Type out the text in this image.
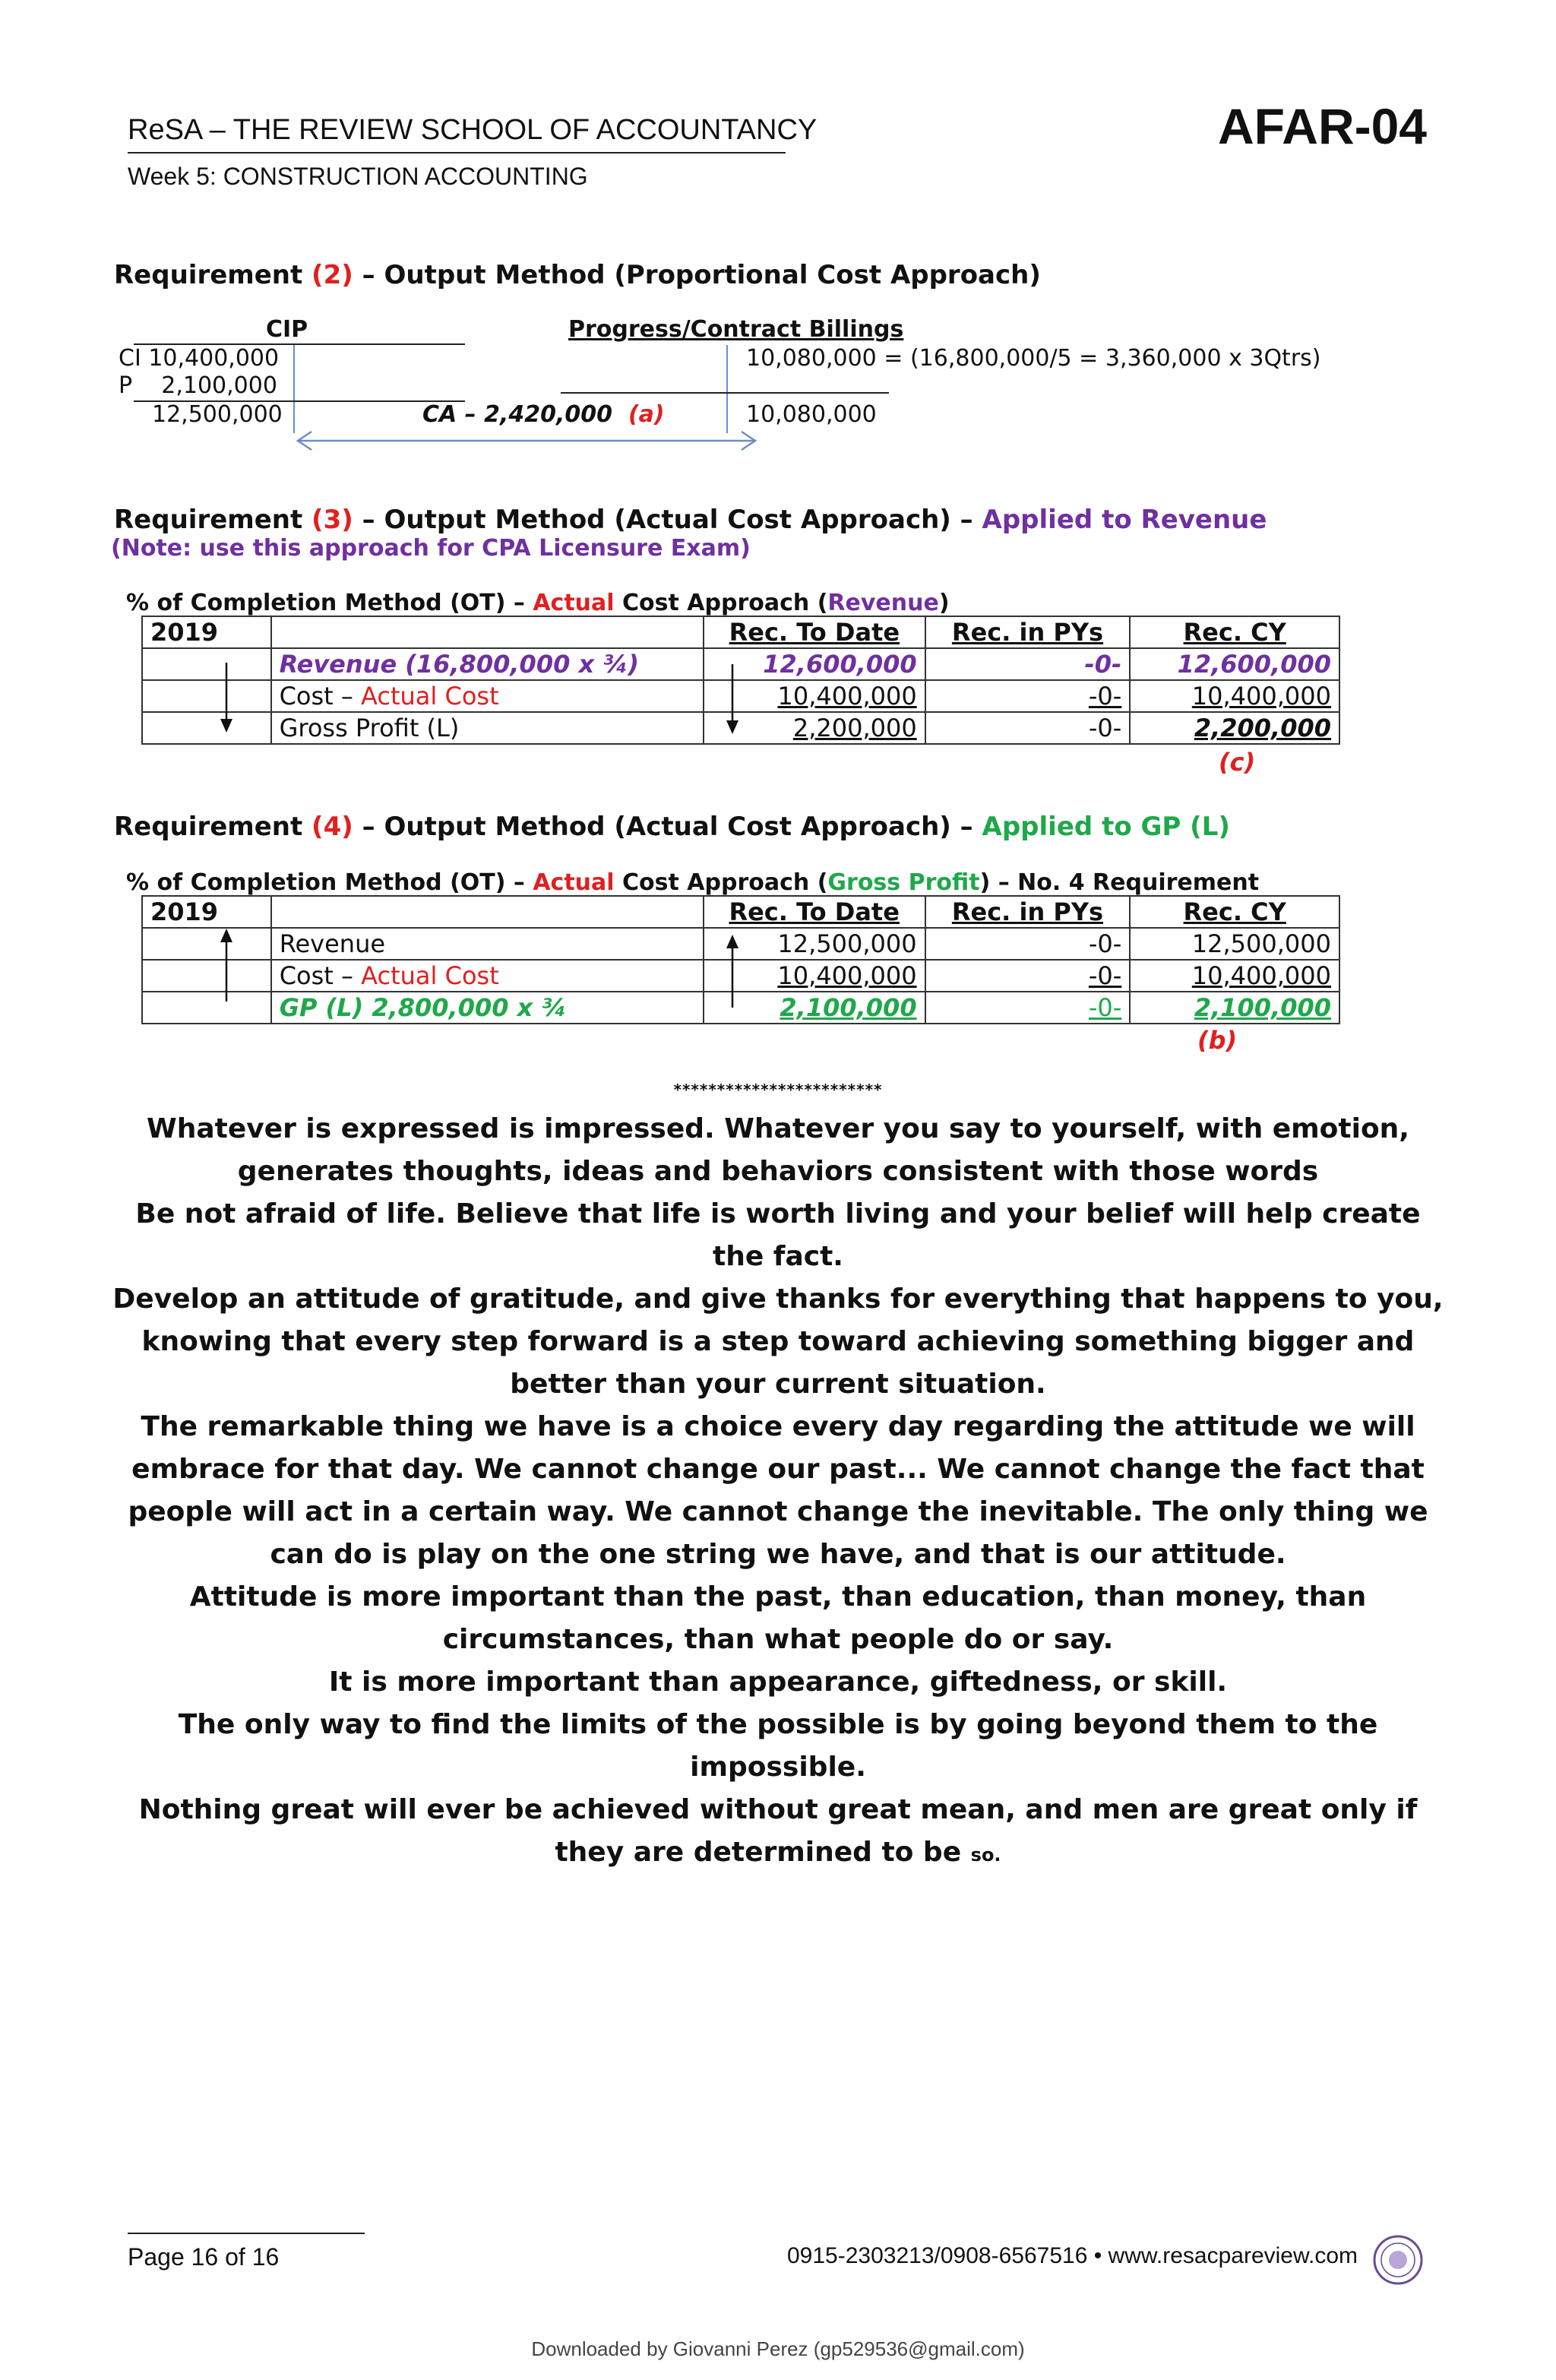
ReSA – THE REVIEW SCHOOL OF ACCOUNTANCY
Week 5: CONSTRUCTION ACCOUNTING
AFAR-04
Requirement (2) – Output Method (Proportional Cost Approach)
CIP	Progress/Contract Billings
CI 10,400,000
P    2,100,000
12,500,000
10,080,000 = (16,800,000/5 = 3,360,000 x 3Qtrs)
10,080,000
CA – 2,420,000 (a)
Requirement (3) – Output Method (Actual Cost Approach) – Applied to Revenue
(Note: use this approach for CPA Licensure Exam)
% of Completion Method (OT) – Actual Cost Approach (Revenue)
2019		Rec. To Date	Rec. in PYs	Rec. CY
	Revenue (16,800,000 x ¾)	12,600,000	-0-	12,600,000
	Cost – Actual Cost	10,400,000	-0-	10,400,000
	Gross Profit (L)	2,200,000	-0-	2,200,000
(c)
Requirement (4) – Output Method (Actual Cost Approach) – Applied to GP (L)
% of Completion Method (OT) – Actual Cost Approach (Gross Profit) – No. 4 Requirement
2019		Rec. To Date	Rec. in PYs	Rec. CY
	Revenue	12,500,000	-0-	12,500,000
	Cost – Actual Cost	10,400,000	-0-	10,400,000
	GP (L) 2,800,000 x ¾	2,100,000	-0-	2,100,000
(b)
************************

Whatever is expressed is impressed. Whatever you say to yourself, with emotion,

generates thoughts, ideas and behaviors consistent with those words

Be not afraid of life. Believe that life is worth living and your belief will help create

the fact.

Develop an attitude of gratitude, and give thanks for everything that happens to you,

knowing that every step forward is a step toward achieving something bigger and

better than your current situation.

The remarkable thing we have is a choice every day regarding the attitude we will

embrace for that day. We cannot change our past... We cannot change the fact that

people will act in a certain way. We cannot change the inevitable. The only thing we

can do is play on the one string we have, and that is our attitude.

Attitude is more important than the past, than education, than money, than

circumstances, than what people do or say.

It is more important than appearance, giftedness, or skill.

The only way to find the limits of the possible is by going beyond them to the

impossible.

Nothing great will ever be achieved without great mean, and men are great only if

they are determined to be so.

Page 16 of 16	0915-2303213/0908-6567516 • www.resacpareview.com
Downloaded by Giovanni Perez (gp529536@gmail.com)
